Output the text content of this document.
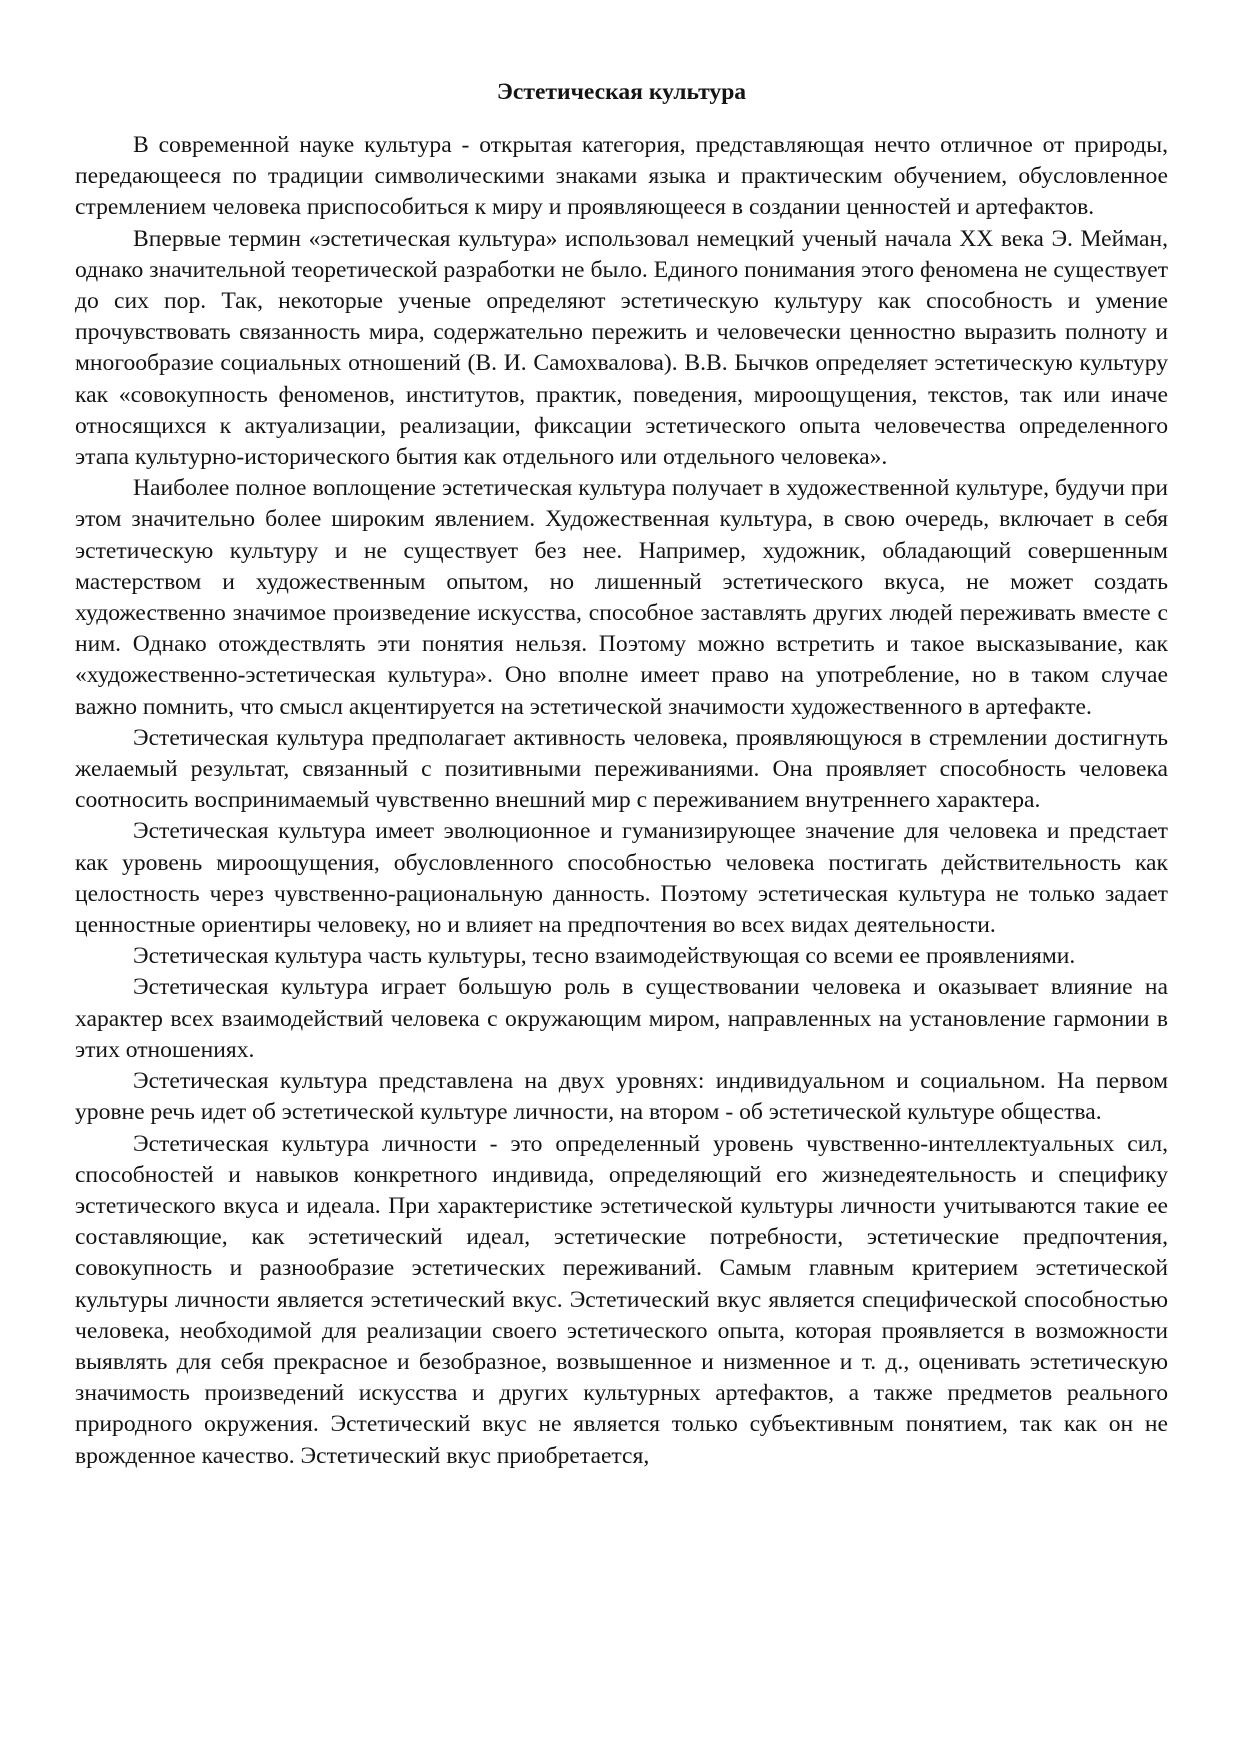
Эстетическая культура

В современной науке культура - открытая категория, представляющая нечто отличное от природы, передающееся по традиции символическими знаками языка и практическим обучением, обусловленное стремлением человека приспособиться к миру и проявляющееся в создании ценностей и артефактов.

Впервые термин «эстетическая культура» использовал немецкий ученый начала XX века Э. Мейман, однако значительной теоретической разработки не было. Единого понимания этого феномена не существует до сих пор. Так, некоторые ученые определяют эстетическую культуру как способность и умение прочувствовать связанность мира, содержательно пережить и человечески ценностно выразить полноту и многообразие социальных отношений (В. И. Самохвалова). В.В. Бычков определяет эстетическую культуру как «совокупность феноменов, институтов, практик, поведения, мироощущения, текстов, так или иначе относящихся к актуализации, реализации, фиксации эстетического опыта человечества определенного этапа культурно-исторического бытия как отдельного или отдельного человека».

Наиболее полное воплощение эстетическая культура получает в художественной культуре, будучи при этом значительно более широким явлением. Художественная культура, в свою очередь, включает в себя эстетическую культуру и не существует без нее. Например, художник, обладающий совершенным мастерством и художественным опытом, но лишенный эстетического вкуса, не может создать художественно значимое произведение искусства, способное заставлять других людей переживать вместе с ним. Однако отождествлять эти понятия нельзя. Поэтому можно встретить и такое высказывание, как «художественно-эстетическая культура». Оно вполне имеет право на употребление, но в таком случае важно помнить, что смысл акцентируется на эстетической значимости художественного в артефакте.

Эстетическая культура предполагает активность человека, проявляющуюся в стремлении достигнуть желаемый результат, связанный с позитивными переживаниями. Она проявляет способность человека соотносить воспринимаемый чувственно внешний мир с переживанием внутреннего характера.

Эстетическая культура имеет эволюционное и гуманизирующее значение для человека и предстает как уровень мироощущения, обусловленного способностью человека постигать действительность как целостность через чувственно-рациональную данность. Поэтому эстетическая культура не только задает ценностные ориентиры человеку, но и влияет на предпочтения во всех видах деятельности.

Эстетическая культура часть культуры, тесно взаимодействующая со всеми ее проявлениями.

Эстетическая культура играет большую роль в существовании человека и оказывает влияние на характер всех взаимодействий человека с окружающим миром, направленных на установление гармонии в этих отношениях.

Эстетическая культура представлена на двух уровнях: индивидуальном и социальном. На первом уровне речь идет об эстетической культуре личности, на втором - об эстетической культуре общества.

Эстетическая культура личности - это определенный уровень чувственно-интеллектуальных сил, способностей и навыков конкретного индивида, определяющий его жизнедеятельность и специфику эстетического вкуса и идеала. При характеристике эстетической культуры личности учитываются такие ее составляющие, как эстетический идеал, эстетические потребности, эстетические предпочтения, совокупность и разнообразие эстетических переживаний. Самым главным критерием эстетической культуры личности является эстетический вкус. Эстетический вкус является специфической способностью человека, необходимой для реализации своего эстетического опыта, которая проявляется в возможности выявлять для себя прекрасное и безобразное, возвышенное и низменное и т. д., оценивать эстетическую значимость произведений искусства и других культурных артефактов, а также предметов реального природного окружения. Эстетический вкус не является только субъективным понятием, так как он не врожденное качество. Эстетический вкус приобретается,
